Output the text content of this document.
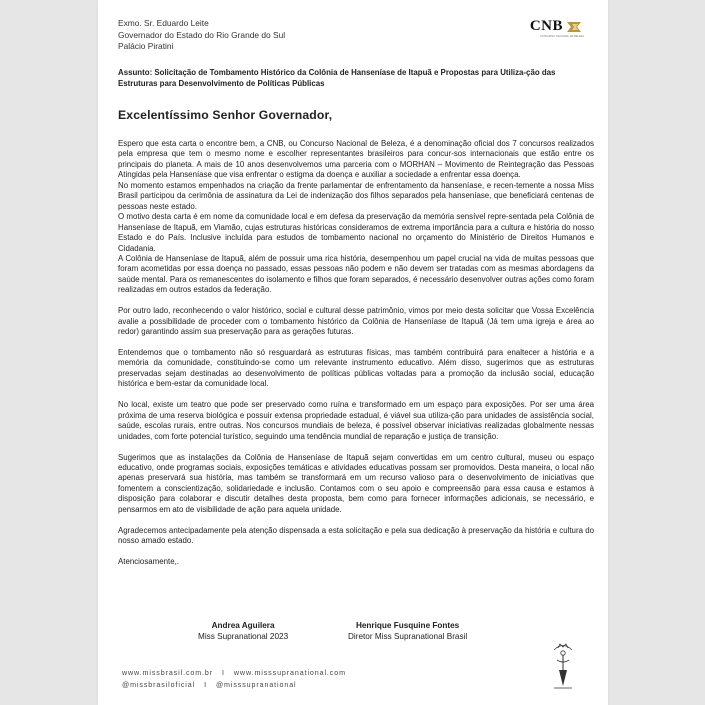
Exmo. Sr. Eduardo Leite
Governador do Estado do Rio Grande do Sul
Palácio Piratini
CNB
CONCURSO NACIONAL DE BELEZA
Assunto: Solicitação de Tombamento Histórico da Colônia de Hanseníase de Itapuã e Propostas para Utiliza-ção das Estruturas para Desenvolvimento de Políticas Públicas
Excelentíssimo Senhor Governador,

Espero que esta carta o encontre bem, a CNB, ou Concurso Nacional de Beleza, é a denominação oficial dos 7 concursos realizados pela empresa que tem o mesmo nome e escolher representantes brasileiros para concur-sos internacionais que estão entre os principais do planeta. A mais de 10 anos desenvolvemos uma parceria com o MORHAN – Movimento de Reintegração das Pessoas Atingidas pela Hanseníase que visa enfrentar o estigma da doença e auxiliar a sociedade a enfrentar essa doença.

No momento estamos empenhados na criação da frente parlamentar de enfrentamento da hanseníase, e recen-temente a nossa Miss Brasil participou da cerimônia de assinatura da Lei de indenização dos filhos separados pela hanseníase, que beneficiará centenas de pessoas neste estado.

O motivo desta carta é em nome da comunidade local e em defesa da preservação da memória sensível repre-sentada pela Colônia de Hanseníase de Itapuã, em Viamão, cujas estruturas históricas consideramos de extrema importância para a cultura e história do nosso Estado e do País. Inclusive incluída para estudos de tombamento nacional no orçamento do Ministério de Direitos Humanos e Cidadania.

A Colônia de Hanseníase de Itapuã, além de possuir uma rica história, desempenhou um papel crucial na vida de muitas pessoas que foram acometidas por essa doença no passado, essas pessoas não podem e não devem ser tratadas com as mesmas abordagens da saúde mental. Para os remanescentes do isolamento e filhos que foram separados, é necessário desenvolver outras ações como foram realizadas em outros estados da federação.

Por outro lado, reconhecendo o valor histórico, social e cultural desse patrimônio, vimos por meio desta solicitar que Vossa Excelência avalie a possibilidade de proceder com o tombamento histórico da Colônia de Hanseníase de Itapuã (Já tem uma igreja e área ao redor) garantindo assim sua preservação para as gerações futuras.

Entendemos que o tombamento não só resguardará as estruturas físicas, mas também contribuirá para enaltecer a história e a memória da comunidade, constituindo-se como um relevante instrumento educativo. Além disso, sugerimos que as estruturas preservadas sejam destinadas ao desenvolvimento de políticas públicas voltadas para a promoção da inclusão social, educação histórica e bem-estar da comunidade local.

No local, existe um teatro que pode ser preservado como ruína e transformado em um espaço para exposições. Por ser uma área próxima de uma reserva biológica e possuir extensa propriedade estadual, é viável sua utiliza-ção para unidades de assistência social, saúde, escolas rurais, entre outras. Nos concursos mundiais de beleza, é possível observar iniciativas realizadas globalmente nessas unidades, com forte potencial turístico, seguindo uma tendência mundial de reparação e justiça de transição.

Sugerimos que as instalações da Colônia de Hanseníase de Itapuã sejam convertidas em um centro cultural, museu ou espaço educativo, onde programas sociais, exposições temáticas e atividades educativas possam ser promovidos. Desta maneira, o local não apenas preservará sua história, mas também se transformará em um recurso valioso para o desenvolvimento de iniciativas que fomentem a conscientização, solidariedade e inclusão. Contamos com o seu apoio e compreensão para essa causa e estamos à disposição para colaborar e discutir detalhes desta proposta, bem como para fornecer informações adicionais, se necessário, e pensarmos em ato de visibilidade de ação para aquela unidade.

Agradecemos antecipadamente pela atenção dispensada a esta solicitação e pela sua dedicação à preservação da história e cultura do nosso amado estado.

Atenciosamente,.

Andrea Aguilera
Miss Supranational 2023
Henrique Fusquine Fontes
Diretor Miss Supranational Brasil
www.missbrasil.com.br I www.misssupranational.com
@missbrasiloficial I @misssupranational
